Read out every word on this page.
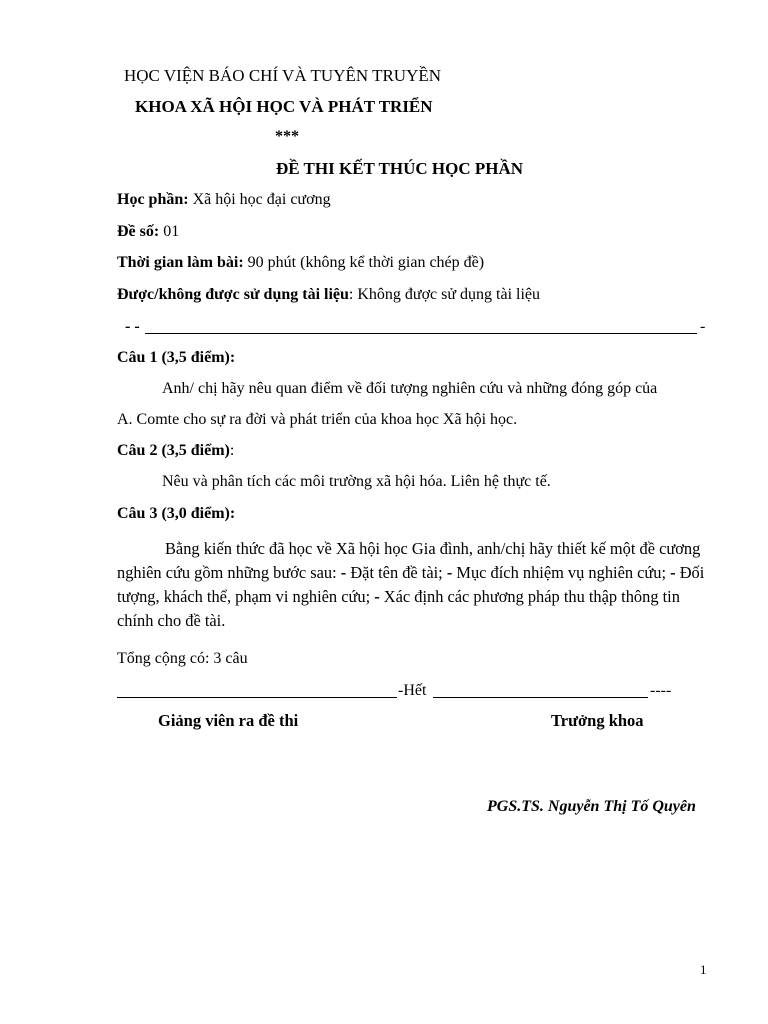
HỌC VIỆN BÁO CHÍ VÀ TUYÊN TRUYỀN
KHOA XÃ HỘI HỌC VÀ PHÁT TRIỂN
***
ĐỀ THI KẾT THÚC HỌC PHẦN
Học phần: Xã hội học đại cương
Đề số: 01
Thời gian làm bài: 90 phút (không kể thời gian chép đề)
Được/không được sử dụng tài liệu: Không được sử dụng tài liệu
- -	-
Câu 1 (3,5 điểm):
Anh/ chị hãy nêu quan điểm về đối tượng nghiên cứu và những đóng góp của
A. Comte cho sự ra đời và phát triển của khoa học Xã hội học.
Câu 2 (3,5 điểm):
Nêu và phân tích các môi trường xã hội hóa. Liên hệ thực tế.
Câu 3 (3,0 điểm):
Bằng kiến thức đã học về Xã hội học Gia đình, anh/chị hãy thiết kế một đề cương nghiên cứu gồm những bước sau: - Đặt tên đề tài; - Mục đích nhiệm vụ nghiên cứu; - Đối tượng, khách thể, phạm vi nghiên cứu; - Xác định các phương pháp thu thập thông tin chính cho đề tài.
Tổng cộng có: 3 câu
-Hết	----
Giảng viên ra đề thi	Trưởng khoa
PGS.TS. Nguyễn Thị Tố Quyên
1
